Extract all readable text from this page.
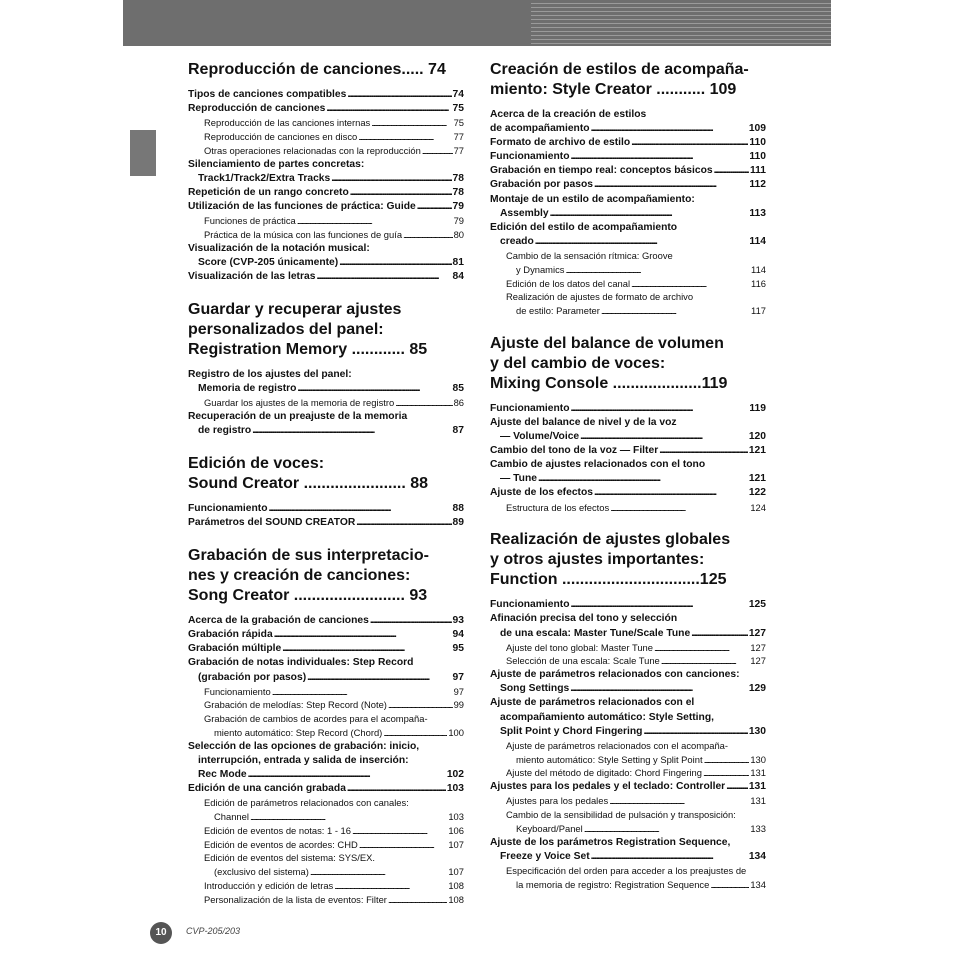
Reproducción de canciones..... 74
Tipos de canciones compatibles . . .	74
Reproducción de canciones . . .	75
Reproducción de las canciones internas . . .	75
Reproducción de canciones en disco . . .	77
Otras operaciones relacionadas con la reproducción . . .	77
Silenciamiento de partes concretas:
Track1/Track2/Extra Tracks . . .	78
Repetición de un rango concreto . . .	78
Utilización de las funciones de práctica: Guide . . .	79
Funciones de práctica . . .	79
Práctica de la música con las funciones de guía . . .	80
Visualización de la notación musical:
Score (CVP-205 únicamente) . . .	81
Visualización de las letras . . .	84
Guardar y recuperar ajustes
personalizados del panel:
Registration Memory ............ 85
Registro de los ajustes del panel:
Memoria de registro . . .	85
Guardar los ajustes de la memoria de registro . . .	86
Recuperación de un preajuste de la memoria
de registro . . .	87
Edición de voces:
Sound Creator ....................... 88
Funcionamiento . . .	88
Parámetros del SOUND CREATOR . . .	89
Grabación de sus interpretacio-
nes y creación de canciones:
Song Creator ......................... 93
Acerca de la grabación de canciones . . .	93
Grabación rápida . . .	94
Grabación múltiple . . .	95
Grabación de notas individuales: Step Record
(grabación por pasos) . . .	97
Funcionamiento . . .	97
Grabación de melodías: Step Record (Note) . . .	99
Grabación de cambios de acordes para el acompaña-
miento automático: Step Record (Chord) . . .	100
Selección de las opciones de grabación: inicio,
interrupción, entrada y salida de inserción:
Rec Mode . . .	102
Edición de una canción grabada . . .	103
Edición de parámetros relacionados con canales:
Channel . . .	103
Edición de eventos de notas: 1 - 16 . . .	106
Edición de eventos de acordes: CHD . . .	107
Edición de eventos del sistema: SYS/EX.
(exclusivo del sistema) . . .	107
Introducción y edición de letras . . .	108
Personalización de la lista de eventos: Filter . . .	108
Creación de estilos de acompaña-
miento: Style Creator ........... 109
Acerca de la creación de estilos
de acompañamiento . . .	109
Formato de archivo de estilo . . .	110
Funcionamiento . . .	110
Grabación en tiempo real: conceptos básicos . . .	111
Grabación por pasos . . .	112
Montaje de un estilo de acompañamiento:
Assembly . . .	113
Edición del estilo de acompañamiento
creado . . .	114
Cambio de la sensación rítmica: Groove
y Dynamics . . .	114
Edición de los datos del canal . . .	116
Realización de ajustes de formato de archivo
de estilo: Parameter . . .	117
Ajuste del balance de volumen
y del cambio de voces:
Mixing Console ....................119
Funcionamiento . . .	119
Ajuste del balance de nivel y de la voz
— Volume/Voice . . .	120
Cambio del tono de la voz — Filter . . .	121
Cambio de ajustes relacionados con el tono
— Tune . . .	121
Ajuste de los efectos . . .	122
Estructura de los efectos . . .	124
Realización de ajustes globales
y otros ajustes importantes:
Function ...............................125
Funcionamiento . . .	125
Afinación precisa del tono y selección
de una escala: Master Tune/Scale Tune . . .	127
Ajuste del tono global: Master Tune . . .	127
Selección de una escala: Scale Tune . . .	127
Ajuste de parámetros relacionados con canciones:
Song Settings . . .	129
Ajuste de parámetros relacionados con el
acompañamiento automático: Style Setting,
Split Point y Chord Fingering . . .	130
Ajuste de parámetros relacionados con el acompaña-
miento automático: Style Setting y Split Point . . .	130
Ajuste del método de digitado: Chord Fingering . . .	131
Ajustes para los pedales y el teclado: Controller . . . 131
Ajustes para los pedales . . .	131
Cambio de la sensibilidad de pulsación y transposición:
Keyboard/Panel . . .	133
Ajuste de los parámetros Registration Sequence,
Freeze y Voice Set . . .	134
Especificación del orden para acceder a los preajustes de
la memoria de registro: Registration Sequence . . .	134
10	CVP-205/203
